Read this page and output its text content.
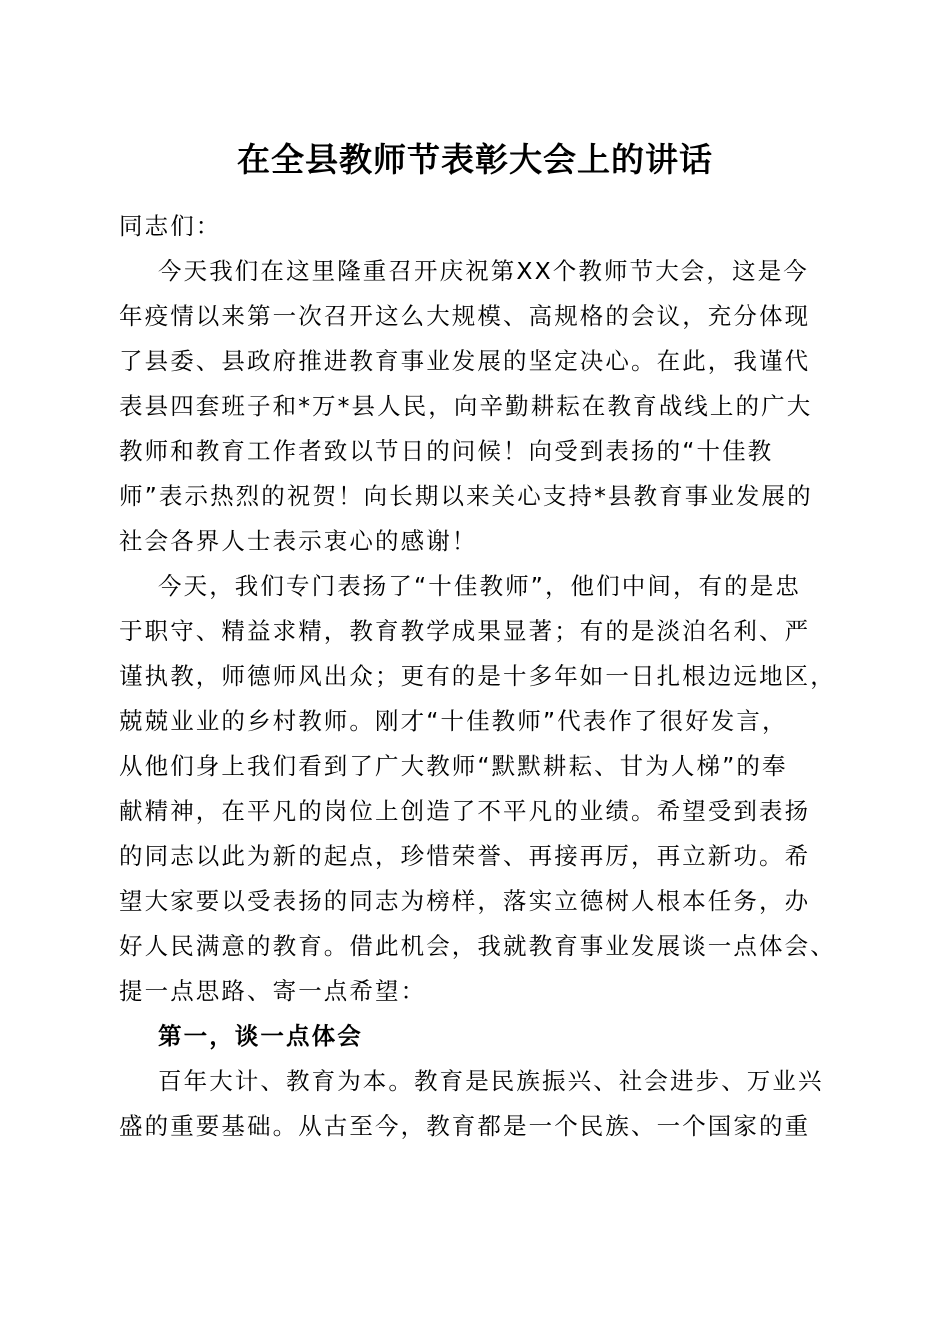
在全县教师节表彰大会上的讲话
同志们：
今天我们在这里隆重召开庆祝第XX个教师节大会，这是今
年疫情以来第一次召开这么大规模、高规格的会议，充分体现
了县委、县政府推进教育事业发展的坚定决心。在此，我谨代
表县四套班子和*万*县人民，向辛勤耕耘在教育战线上的广大
教师和教育工作者致以节日的问候！向受到表扬的“十佳教
师”表示热烈的祝贺！向长期以来关心支持*县教育事业发展的
社会各界人士表示衷心的感谢！
今天，我们专门表扬了“十佳教师”，他们中间，有的是忠
于职守、精益求精，教育教学成果显著；有的是淡泊名利、严
谨执教，师德师风出众；更有的是十多年如一日扎根边远地区，
兢兢业业的乡村教师。刚才“十佳教师”代表作了很好发言，
从他们身上我们看到了广大教师“默默耕耘、甘为人梯”的奉
献精神，在平凡的岗位上创造了不平凡的业绩。希望受到表扬
的同志以此为新的起点，珍惜荣誉、再接再厉，再立新功。希
望大家要以受表扬的同志为榜样，落实立德树人根本任务，办
好人民满意的教育。借此机会，我就教育事业发展谈一点体会、
提一点思路、寄一点希望：
第一，谈一点体会
百年大计、教育为本。教育是民族振兴、社会进步、万业兴
盛的重要基础。从古至今，教育都是一个民族、一个国家的重
